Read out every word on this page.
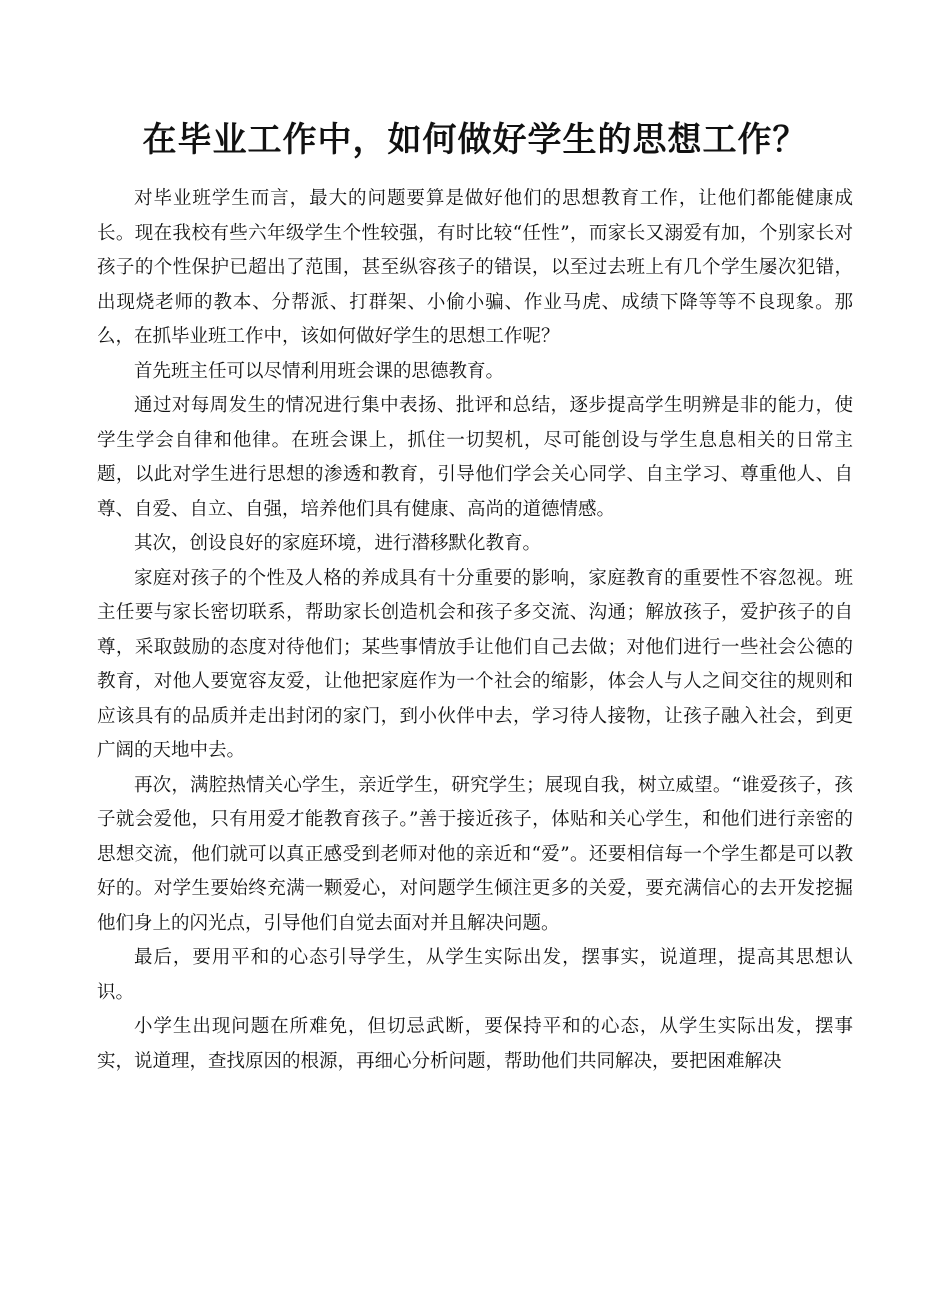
在毕业工作中，如何做好学生的思想工作？

对毕业班学生而言，最大的问题要算是做好他们的思想教育工作，让他们都能健康成长。现在我校有些六年级学生个性较强，有时比较“任性”，而家长又溺爱有加，个别家长对孩子的个性保护已超出了范围，甚至纵容孩子的错误，以至过去班上有几个学生屡次犯错，出现烧老师的教本、分帮派、打群架、小偷小骗、作业马虎、成绩下降等等不良现象。那么，在抓毕业班工作中，该如何做好学生的思想工作呢？

首先班主任可以尽情利用班会课的思德教育。

通过对每周发生的情况进行集中表扬、批评和总结，逐步提高学生明辨是非的能力，使学生学会自律和他律。在班会课上，抓住一切契机，尽可能创设与学生息息相关的日常主题，以此对学生进行思想的渗透和教育，引导他们学会关心同学、自主学习、尊重他人、自尊、自爱、自立、自强，培养他们具有健康、高尚的道德情感。

其次，创设良好的家庭环境，进行潜移默化教育。

家庭对孩子的个性及人格的养成具有十分重要的影响，家庭教育的重要性不容忽视。班主任要与家长密切联系，帮助家长创造机会和孩子多交流、沟通；解放孩子，爱护孩子的自尊，采取鼓励的态度对待他们；某些事情放手让他们自己去做；对他们进行一些社会公德的教育，对他人要宽容友爱，让他把家庭作为一个社会的缩影，体会人与人之间交往的规则和应该具有的品质并走出封闭的家门，到小伙伴中去，学习待人接物，让孩子融入社会，到更广阔的天地中去。

再次，满腔热情关心学生，亲近学生，研究学生；展现自我，树立威望。“谁爱孩子，孩子就会爱他，只有用爱才能教育孩子。”善于接近孩子，体贴和关心学生，和他们进行亲密的思想交流，他们就可以真正感受到老师对他的亲近和“爱”。还要相信每一个学生都是可以教好的。对学生要始终充满一颗爱心，对问题学生倾注更多的关爱，要充满信心的去开发挖掘他们身上的闪光点，引导他们自觉去面对并且解决问题。

最后，要用平和的心态引导学生，从学生实际出发，摆事实，说道理，提高其思想认识。

小学生出现问题在所难免，但切忌武断，要保持平和的心态，从学生实际出发，摆事实，说道理，查找原因的根源，再细心分析问题，帮助他们共同解决，要把困难解决
